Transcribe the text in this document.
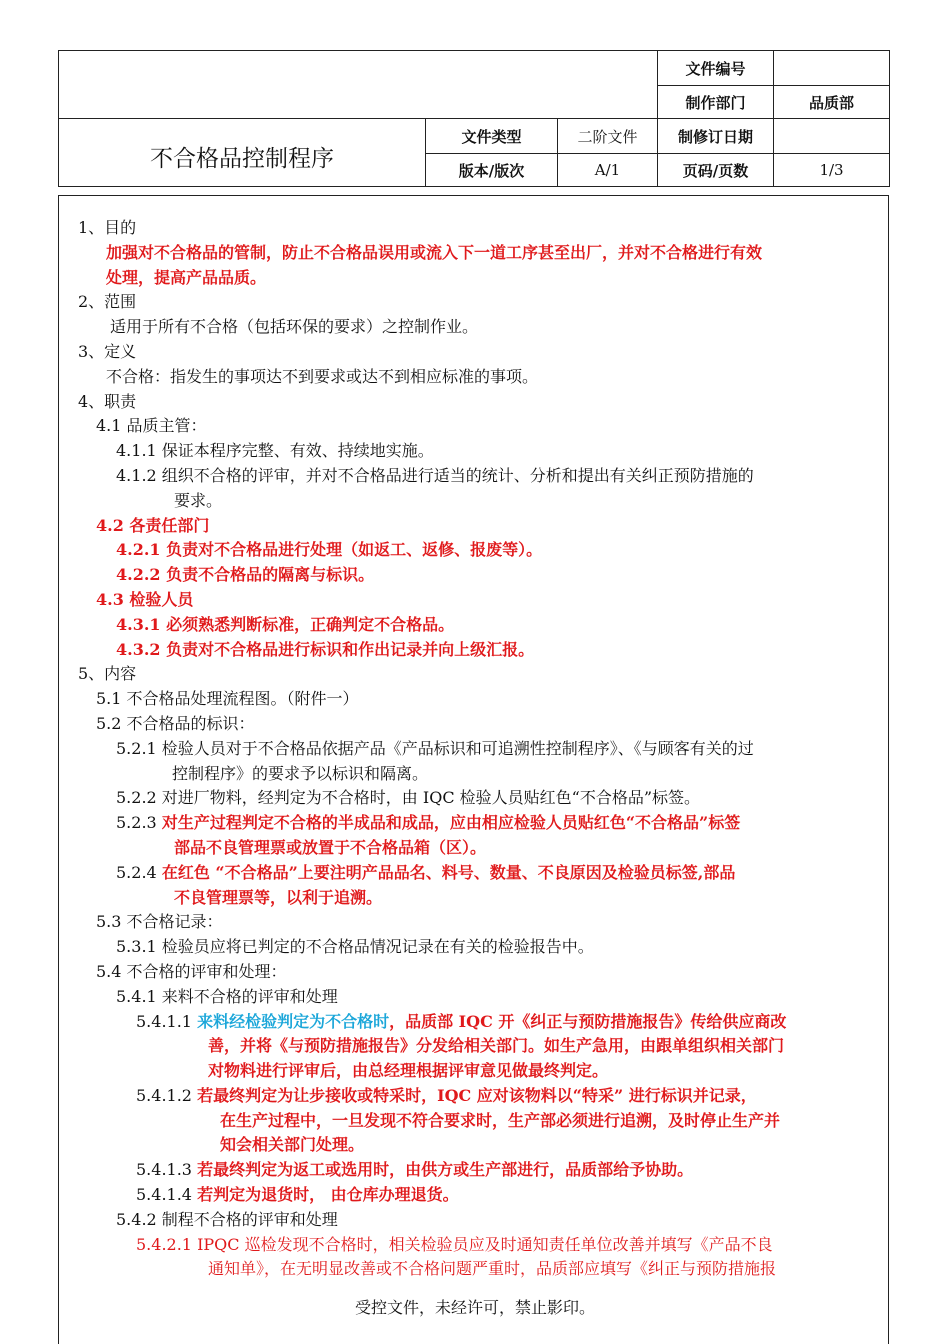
			文件编号	
			制作部门	品质部
不合格品控制程序	文件类型	二阶文件	制修订日期	
	版本/版次	A/1	页码/页数	1/3
1、目的
加强对不合格品的管制，防止不合格品误用或流入下一道工序甚至出厂，并对不合格进行有效
处理，提高产品品质。
2、范围
适用于所有不合格（包括环保的要求）之控制作业。
3、定义
不合格：指发生的事项达不到要求或达不到相应标准的事项。
4、职责
4.1 品质主管：
4.1.1 保证本程序完整、有效、持续地实施。
4.1.2 组织不合格的评审，并对不合格品进行适当的统计、分析和提出有关纠正预防措施的
要求。
4.2 各责任部门
4.2.1 负责对不合格品进行处理（如返工、返修、报废等）。
4.2.2 负责不合格品的隔离与标识。
4.3 检验人员
4.3.1 必须熟悉判断标准，正确判定不合格品。
4.3.2 负责对不合格品进行标识和作出记录并向上级汇报。
5、内容
5.1 不合格品处理流程图。（附件一）
5.2 不合格品的标识：
5.2.1 检验人员对于不合格品依据产品《产品标识和可追溯性控制程序》、《与顾客有关的过
控制程序》的要求予以标识和隔离。
5.2.2 对进厂物料，经判定为不合格时，由 IQC 检验人员贴红色“不合格品”标签。
5.2.3 对生产过程判定不合格的半成品和成品，应由相应检验人员贴红色“不合格品”标签
部品不良管理票或放置于不合格品箱（区）。
5.2.4 在红色 “不合格品”上要注明产品品名、料号、数量、不良原因及检验员标签,部品
不良管理票等，以利于追溯。
5.3 不合格记录：
5.3.1 检验员应将已判定的不合格品情况记录在有关的检验报告中。
5.4 不合格的评审和处理：
5.4.1 来料不合格的评审和处理
5.4.1.1 来料经检验判定为不合格时，品质部 IQC 开《纠正与预防措施报告》传给供应商改
善，并将《与预防措施报告》分发给相关部门。如生产急用，由跟单组织相关部门
对物料进行评审后，由总经理根据评审意见做最终判定。
5.4.1.2 若最终判定为让步接收或特采时，IQC 应对该物料以“特采” 进行标识并记录，
在生产过程中，一旦发现不符合要求时，生产部必须进行追溯，及时停止生产并
知会相关部门处理。
5.4.1.3 若最终判定为返工或选用时，由供方或生产部进行，品质部给予协助。
5.4.1.4 若判定为退货时， 由仓库办理退货。
5.4.2 制程不合格的评审和处理
5.4.2.1 IPQC 巡检发现不合格时，相关检验员应及时通知责任单位改善并填写《产品不良
通知单》，在无明显改善或不合格问题严重时，品质部应填写《纠正与预防措施报
受控文件，未经许可，禁止影印。
